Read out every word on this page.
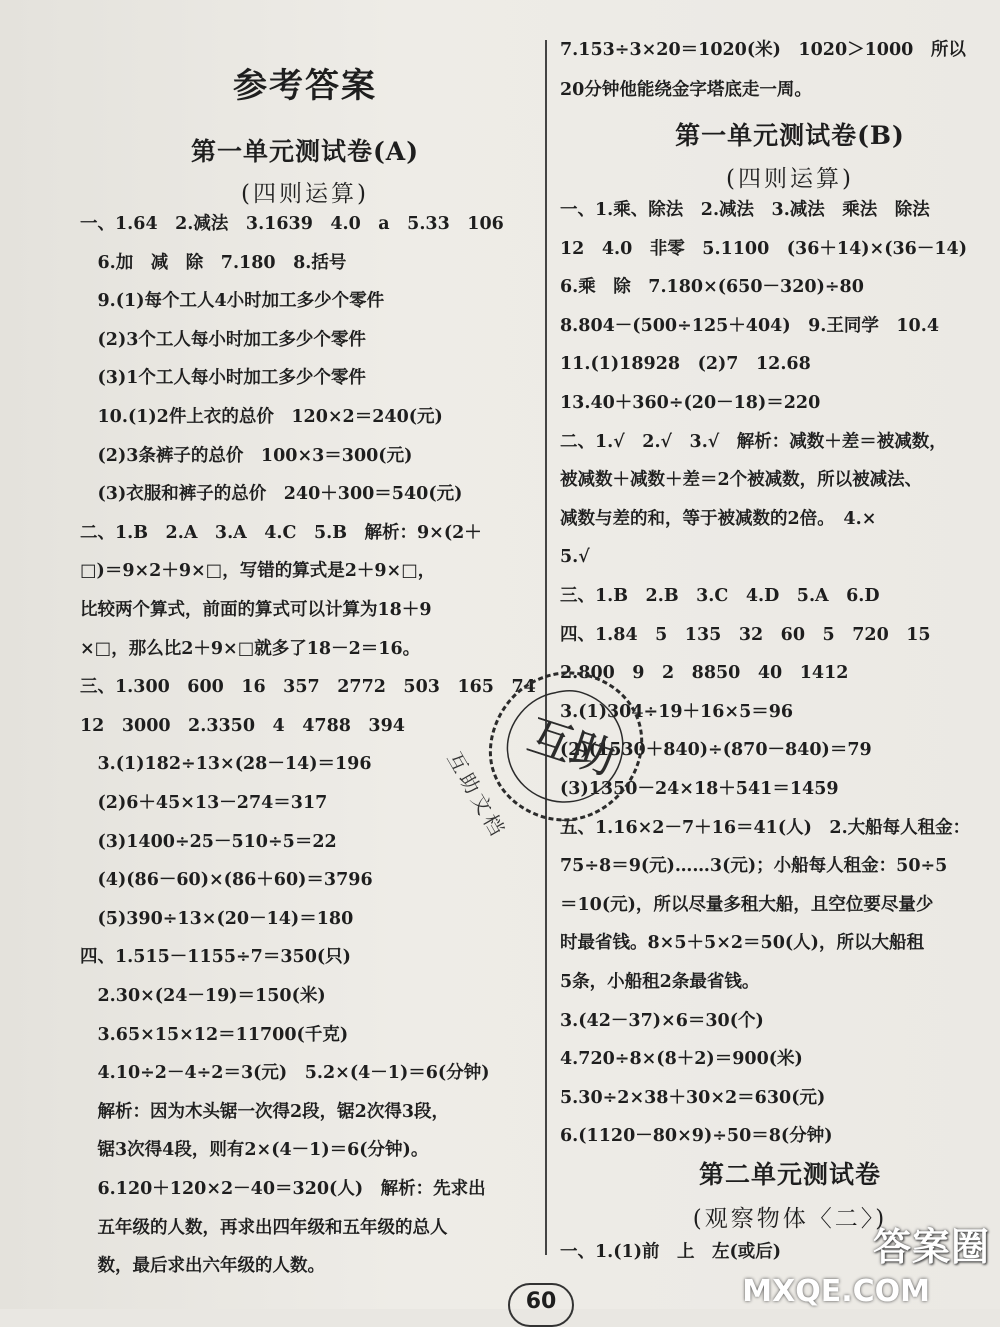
参考答案
第一单元测试卷(A)
(四则运算)
一、1.64　2.减法　3.1639　4.0　a　5.33　106
　6.加　减　除　7.180　8.括号
　9.(1)每个工人4小时加工多少个零件
　(2)3个工人每小时加工多少个零件
　(3)1个工人每小时加工多少个零件
　10.(1)2件上衣的总价　120×2＝240(元)
　(2)3条裤子的总价　100×3＝300(元)
　(3)衣服和裤子的总价　240＋300＝540(元)
二、1.B　2.A　3.A　4.C　5.B　解析：9×(2＋
□)＝9×2＋9×□，写错的算式是2＋9×□，
比较两个算式，前面的算式可以计算为18＋9
×□，那么比2＋9×□就多了18－2＝16。
三、1.300　600　16　357　2772　503　165　74
12　3000　2.3350　4　4788　394
　3.(1)182÷13×(28－14)＝196
　(2)6＋45×13－274＝317
　(3)1400÷25－510÷5＝22
　(4)(86－60)×(86＋60)＝3796
　(5)390÷13×(20－14)＝180
四、1.515－1155÷7＝350(只)
　2.30×(24－19)＝150(米)
　3.65×15×12＝11700(千克)
　4.10÷2－4÷2＝3(元)　5.2×(4－1)＝6(分钟)
　解析：因为木头锯一次得2段，锯2次得3段，
　锯3次得4段，则有2×(4－1)＝6(分钟)。
　6.120＋120×2－40＝320(人)　解析：先求出
　五年级的人数，再求出四年级和五年级的总人
　数，最后求出六年级的人数。
7.153÷3×20＝1020(米)　1020＞1000　所以
20分钟他能绕金字塔底走一周。
第一单元测试卷(B)
(四则运算)
一、1.乘、除法　2.减法　3.减法　乘法　除法
12　4.0　非零　5.1100　(36＋14)×(36－14)
6.乘　除　7.180×(650－320)÷80
8.804－(500÷125＋404)　9.王同学　10.4
11.(1)18928　(2)7　12.68
13.40＋360÷(20－18)＝220
二、1.√　2.√　3.√　解析：减数＋差＝被减数，
被减数＋减数＋差＝2个被减数，所以被减法、
减数与差的和，等于被减数的2倍。　4.×
5.√
三、1.B　2.B　3.C　4.D　5.A　6.D
四、1.84　5　135　32　60　5　720　15
2.800　9　2　8850　40　1412
3.(1)304÷19＋16×5＝96
(2)(1530＋840)÷(870－840)＝79
(3)1350－24×18＋541＝1459
五、1.16×2－7＋16＝41(人)　2.大船每人租金：
75÷8＝9(元)……3(元)；小船每人租金：50÷5
＝10(元)，所以尽量多租大船，且空位要尽量少
时最省钱。8×5＋5×2＝50(人)，所以大船租
5条，小船租2条最省钱。
3.(42－37)×6＝30(个)
4.720÷8×(8＋2)＝900(米)
5.30÷2×38＋30×2＝630(元)
6.(1120－80×9)÷50＝8(分钟)
第二单元测试卷
(观察物体〈二〉)
一、1.(1)前　上　左(或后)
互助
互助文档
答案圈
MXQE.COM
60
